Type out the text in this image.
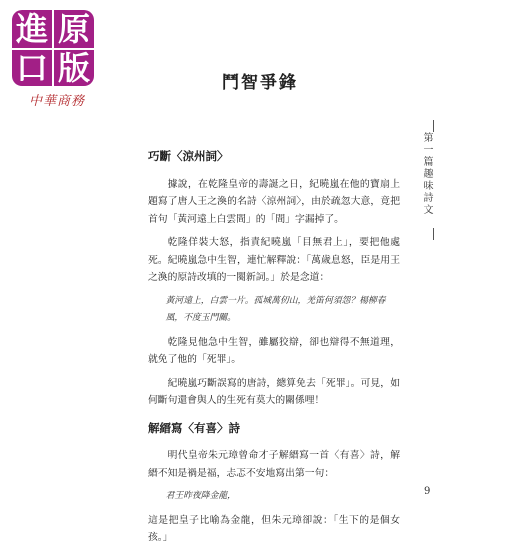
進 原
口 版
中華商務
鬥智爭鋒
第一篇趣味詩文
巧斷〈涼州詞〉

據說，在乾隆皇帝的壽誕之日，紀曉嵐在他的寶扇上題寫了唐人王之渙的名詩〈涼州詞〉，由於疏忽大意，竟把首句「黃河遠上白雲間」的「間」字漏掉了。

乾隆佯裝大怒，指責紀曉嵐「目無君上」，要把他處死。紀曉嵐急中生智，連忙解釋說：「萬歲息怒，臣是用王之渙的原詩改填的一闋新詞。」於是念道：

黃河遠上，白雲一片。孤城萬仞山，羌笛何須怨？楊柳春風，不度玉門關。

乾隆見他急中生智，雖屬狡辯，卻也辯得不無道理，就免了他的「死罪」。

紀曉嵐巧斷誤寫的唐詩，總算免去「死罪」。可見，如何斷句還會與人的生死有莫大的關係哩！

解縉寫〈有喜〉詩

明代皇帝朱元璋曾命才子解縉寫一首〈有喜〉詩，解縉不知是禍是福，忐忑不安地寫出第一句：

君王昨夜降金龍，

這是把皇子比喻為金龍，但朱元璋卻說：「生下的是個女孩。」

9
